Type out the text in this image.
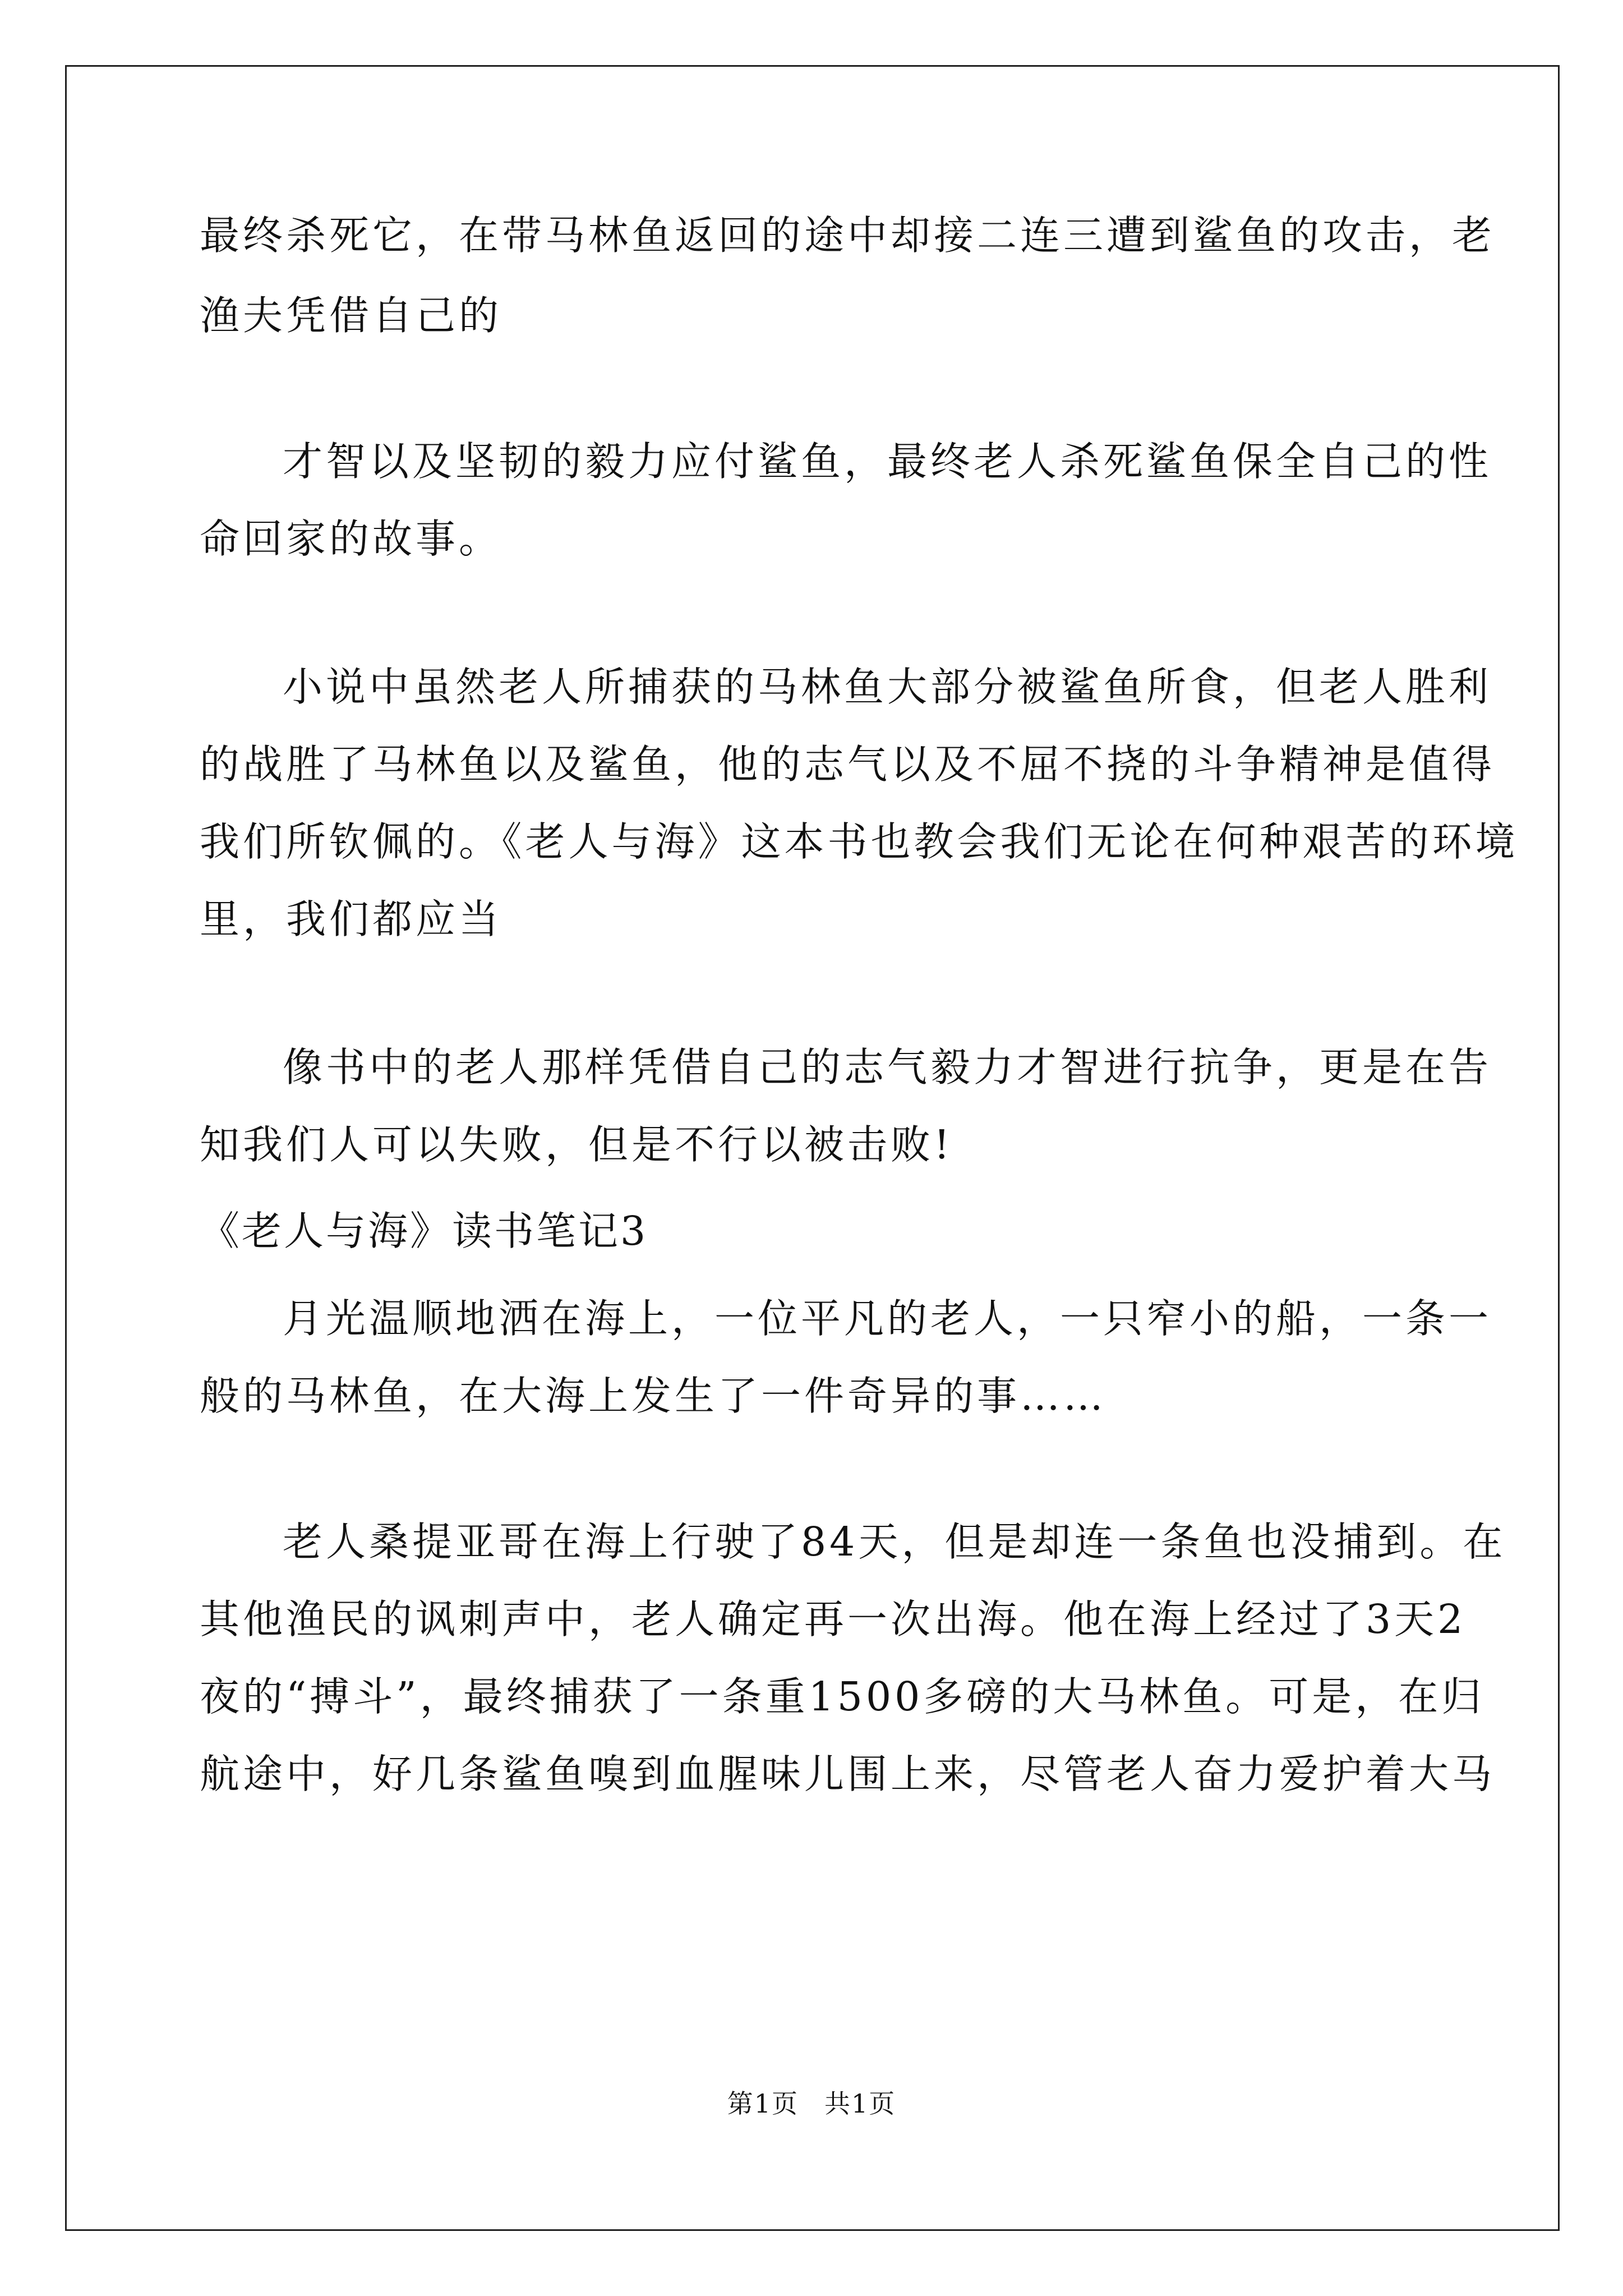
最终杀死它，在带马林鱼返回的途中却接二连三遭到鲨鱼的攻击，老
渔夫凭借自己的
才智以及坚韧的毅力应付鲨鱼，最终老人杀死鲨鱼保全自己的性
命回家的故事。
小说中虽然老人所捕获的马林鱼大部分被鲨鱼所食，但老人胜利
的战胜了马林鱼以及鲨鱼，他的志气以及不屈不挠的斗争精神是值得
我们所钦佩的。《老人与海》这本书也教会我们无论在何种艰苦的环境
里，我们都应当
像书中的老人那样凭借自己的志气毅力才智进行抗争，更是在告
知我们人可以失败，但是不行以被击败!
《老人与海》读书笔记3
月光温顺地洒在海上，一位平凡的老人，一只窄小的船，一条一
般的马林鱼，在大海上发生了一件奇异的事……
老人桑提亚哥在海上行驶了84天，但是却连一条鱼也没捕到。在
其他渔民的讽刺声中，老人确定再一次出海。他在海上经过了3天2
夜的“搏斗”，最终捕获了一条重1500多磅的大马林鱼。可是，在归
航途中，好几条鲨鱼嗅到血腥味儿围上来，尽管老人奋力爱护着大马
第1页 共1页
